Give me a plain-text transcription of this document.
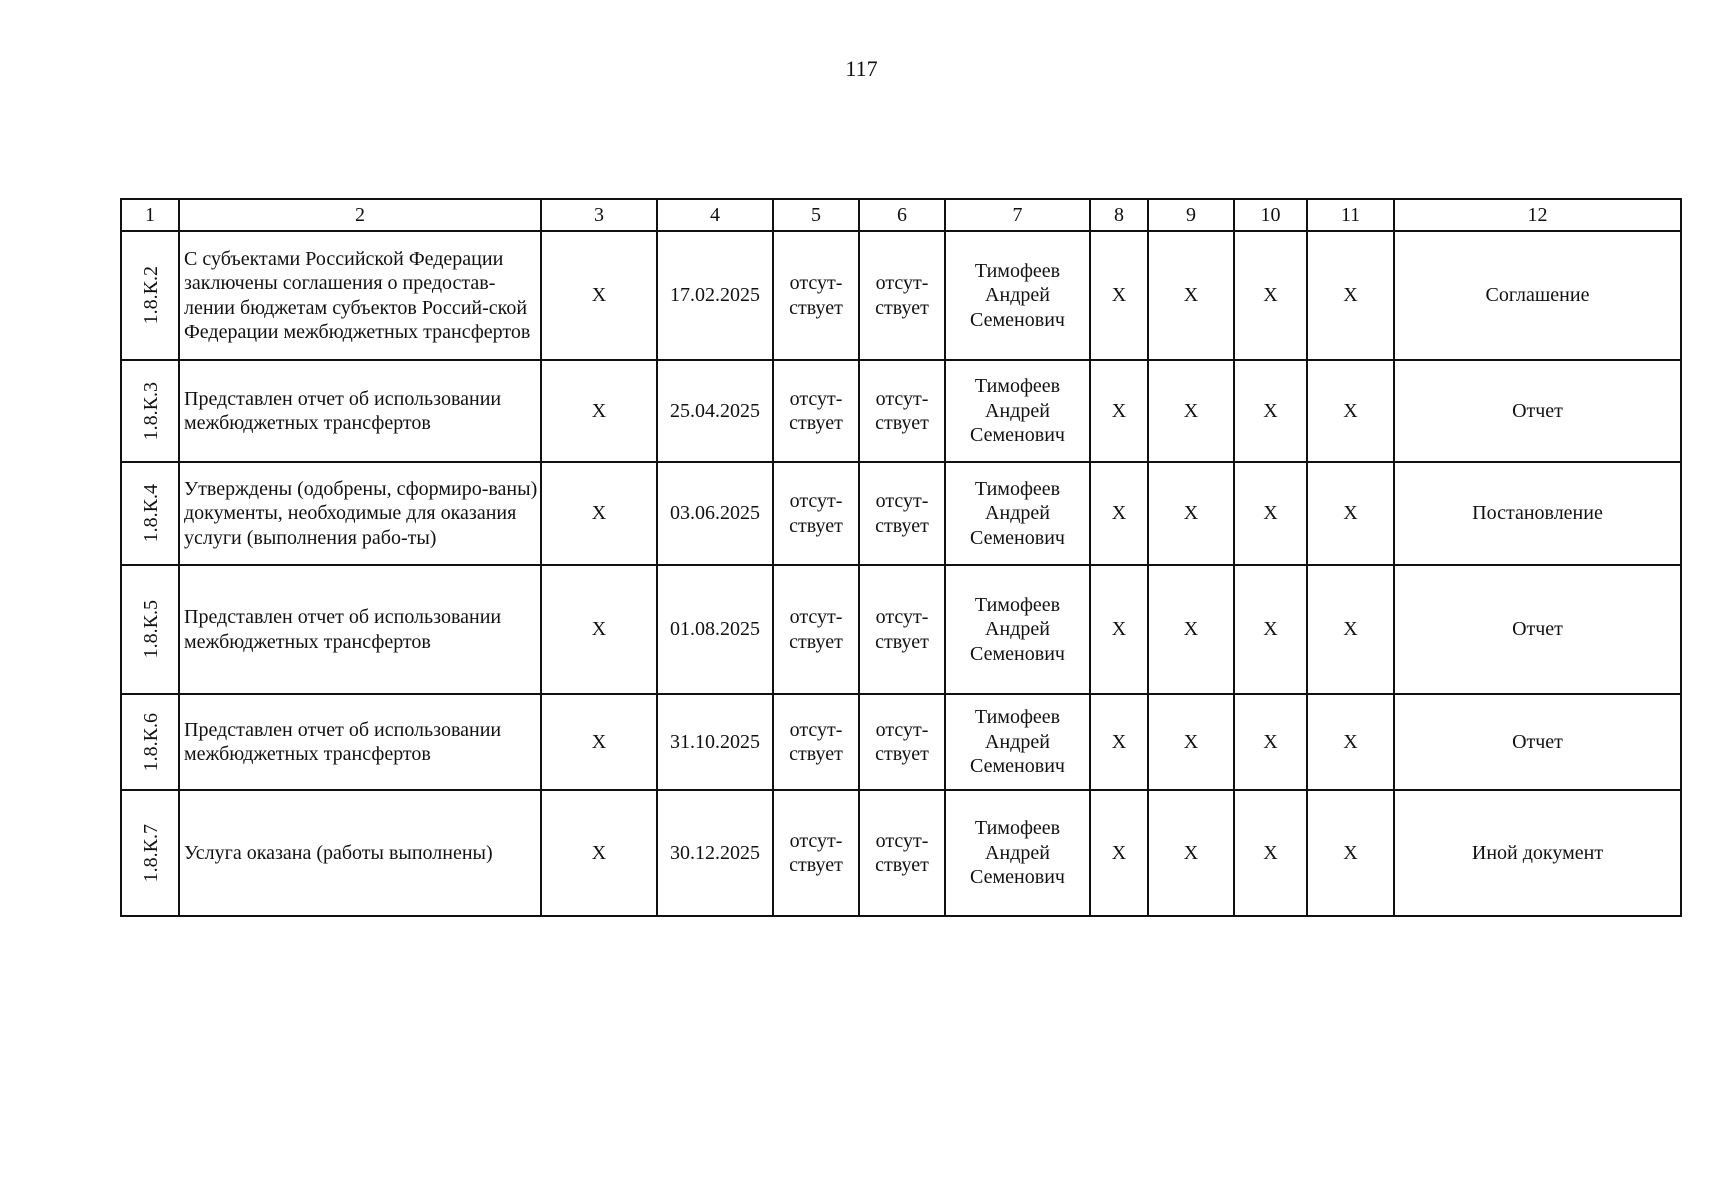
117
1	2	3	4	5	6	7	8	9	10	11	12
1.8.К.2	С субъектами Российской Федерации заключены соглашения о предостав-лении бюджетам субъектов Россий-ской Федерации межбюджетных трансфертов	X	17.02.2025	отсут-ствует	отсут-ствует	Тимофеев Андрей Семенович	X	X	X	X	Соглашение
1.8.К.3	Представлен отчет об использовании межбюджетных трансфертов	X	25.04.2025	отсут-ствует	отсут-ствует	Тимофеев Андрей Семенович	X	X	X	X	Отчет
1.8.К.4	Утверждены (одобрены, сформиро-ваны) документы, необходимые для оказания услуги (выполнения рабо-ты)	X	03.06.2025	отсут-ствует	отсут-ствует	Тимофеев Андрей Семенович	X	X	X	X	Постановление
1.8.К.5	Представлен отчет об использовании межбюджетных трансфертов	X	01.08.2025	отсут-ствует	отсут-ствует	Тимофеев Андрей Семенович	X	X	X	X	Отчет
1.8.К.6	Представлен отчет об использовании межбюджетных трансфертов	X	31.10.2025	отсут-ствует	отсут-ствует	Тимофеев Андрей Семенович	X	X	X	X	Отчет
1.8.К.7	Услуга оказана (работы выполнены)	X	30.12.2025	отсут-ствует	отсут-ствует	Тимофеев Андрей Семенович	X	X	X	X	Иной документ
